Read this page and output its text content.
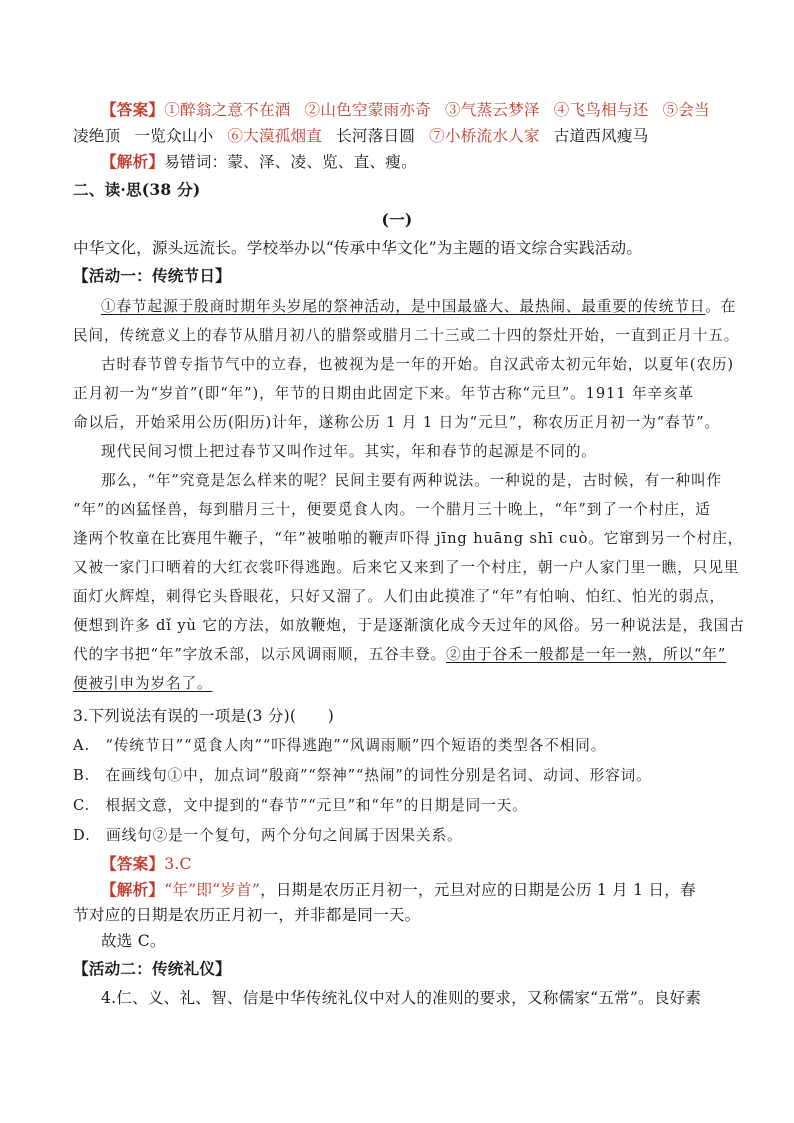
【答案】①醉翁之意不在酒 ②山色空蒙雨亦奇 ③气蒸云梦泽 ④飞鸟相与还 ⑤会当
凌绝顶 一览众山小 ⑥大漠孤烟直 长河落日圆 ⑦小桥流水人家 古道西风瘦马
【解析】易错词：蒙、泽、凌、览、直、瘦。
二、读·思(38 分)
(一)
中华文化，源头远流长。学校举办以“传承中华文化”为主题的语文综合实践活动。
【活动一：传统节日】
①春节起源于殷商时期年头岁尾的祭神活动，是中国最盛大、最热闹、最重要的传统节日。在
民间，传统意义上的春节从腊月初八的腊祭或腊月二十三或二十四的祭灶开始，一直到正月十五。
古时春节曾专指节气中的立春，也被视为是一年的开始。自汉武帝太初元年始，以夏年(农历)
正月初一为“岁首”(即“年”)，年节的日期由此固定下来。年节古称“元旦”。1911 年辛亥革
命以后，开始采用公历(阳历)计年，遂称公历 1 月 1 日为“元旦”，称农历正月初一为“春节”。
现代民间习惯上把过春节又叫作过年。其实，年和春节的起源是不同的。
那么，“年”究竟是怎么样来的呢？民间主要有两种说法。一种说的是，古时候，有一种叫作
“年”的凶猛怪兽，每到腊月三十，便要觅食人肉。一个腊月三十晚上，“年”到了一个村庄，适
逢两个牧童在比赛甩牛鞭子，“年”被啪啪的鞭声吓得 jīng huāng shī cuò。它窜到另一个村庄，
又被一家门口晒着的大红衣裳吓得逃跑。后来它又来到了一个村庄，朝一户人家门里一瞧，只见里
面灯火辉煌，刺得它头昏眼花，只好又溜了。人们由此摸准了“年”有怕响、怕红、怕光的弱点，
便想到许多 dǐ yù 它的方法，如放鞭炮，于是逐渐演化成今天过年的风俗。另一种说法是，我国古
代的字书把“年”字放禾部，以示风调雨顺，五谷丰登。②由于谷禾一般都是一年一熟，所以“年”
便被引申为岁名了。
3.下列说法有误的一项是(3 分)(　　)
A.　“传统节日”“觅食人肉”“吓得逃跑”“风调雨顺”四个短语的类型各不相同。
B.　在画线句①中，加点词“殷商”“祭神”“热闹”的词性分别是名词、动词、形容词。
C.　根据文意，文中提到的“春节”“元旦”和“年”的日期是同一天。
D.　画线句②是一个复句，两个分句之间属于因果关系。
【答案】3.C
【解析】“年”即“岁首”，日期是农历正月初一，元旦对应的日期是公历 1 月 1 日，春
节对应的日期是农历正月初一，并非都是同一天。
故选 C。
【活动二：传统礼仪】
4.仁、义、礼、智、信是中华传统礼仪中对人的准则的要求，又称儒家“五常”。良好素
